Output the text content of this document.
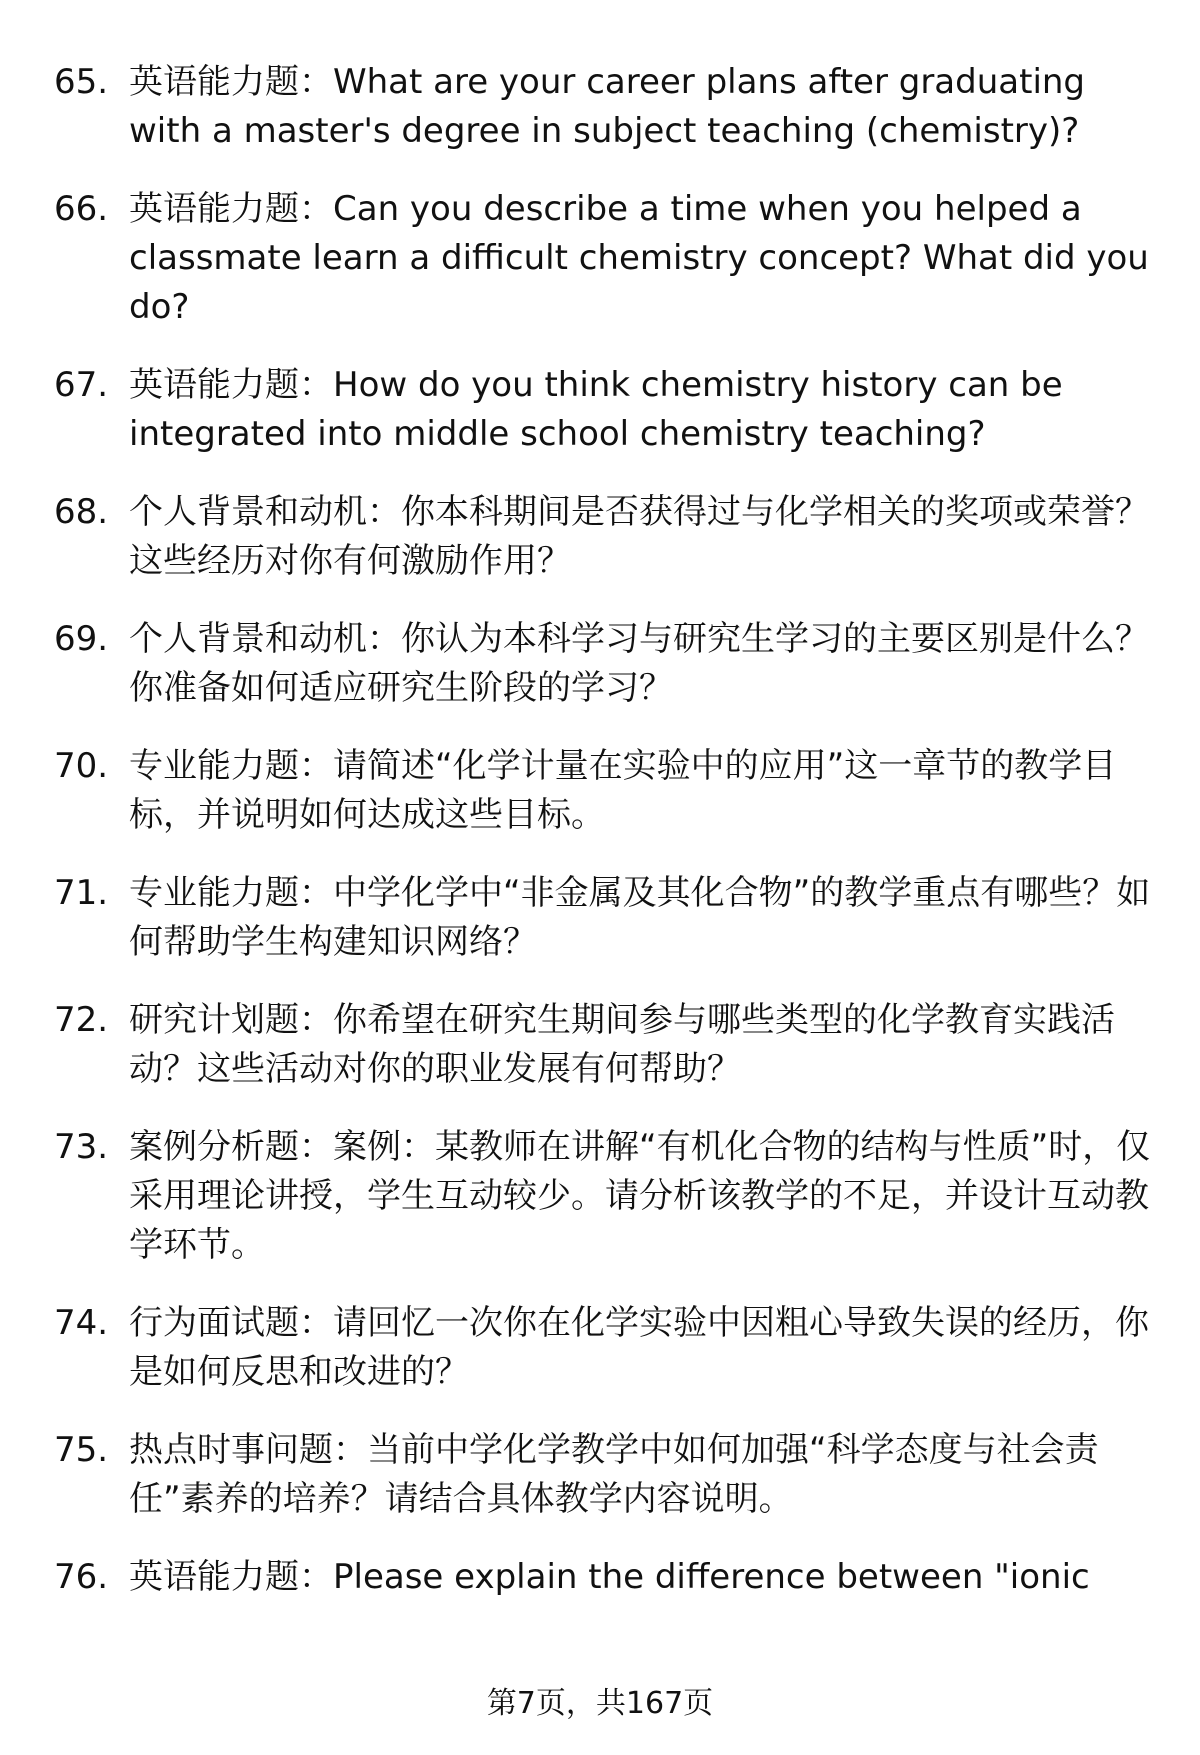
65. 英语能力题：What are your career plans after graduating with a master's degree in subject teaching (chemistry)?
66. 英语能力题：Can you describe a time when you helped a classmate learn a difficult chemistry concept? What did you do?
67. 英语能力题：How do you think chemistry history can be integrated into middle school chemistry teaching?
68. 个人背景和动机：你本科期间是否获得过与化学相关的奖项或荣誉？这些经历对你有何激励作用？
69. 个人背景和动机：你认为本科学习与研究生学习的主要区别是什么？你准备如何适应研究生阶段的学习？
70. 专业能力题：请简述“化学计量在实验中的应用”这一章节的教学目标，并说明如何达成这些目标。
71. 专业能力题：中学化学中“非金属及其化合物”的教学重点有哪些？如何帮助学生构建知识网络？
72. 研究计划题：你希望在研究生期间参与哪些类型的化学教育实践活动？这些活动对你的职业发展有何帮助？
73. 案例分析题：案例：某教师在讲解“有机化合物的结构与性质”时，仅采用理论讲授，学生互动较少。请分析该教学的不足，并设计互动教学环节。
74. 行为面试题：请回忆一次你在化学实验中因粗心导致失误的经历，你是如何反思和改进的？
75. 热点时事问题：当前中学化学教学中如何加强“科学态度与社会责任”素养的培养？请结合具体教学内容说明。
76. 英语能力题：Please explain the difference between "ionic
第7页，共167页
